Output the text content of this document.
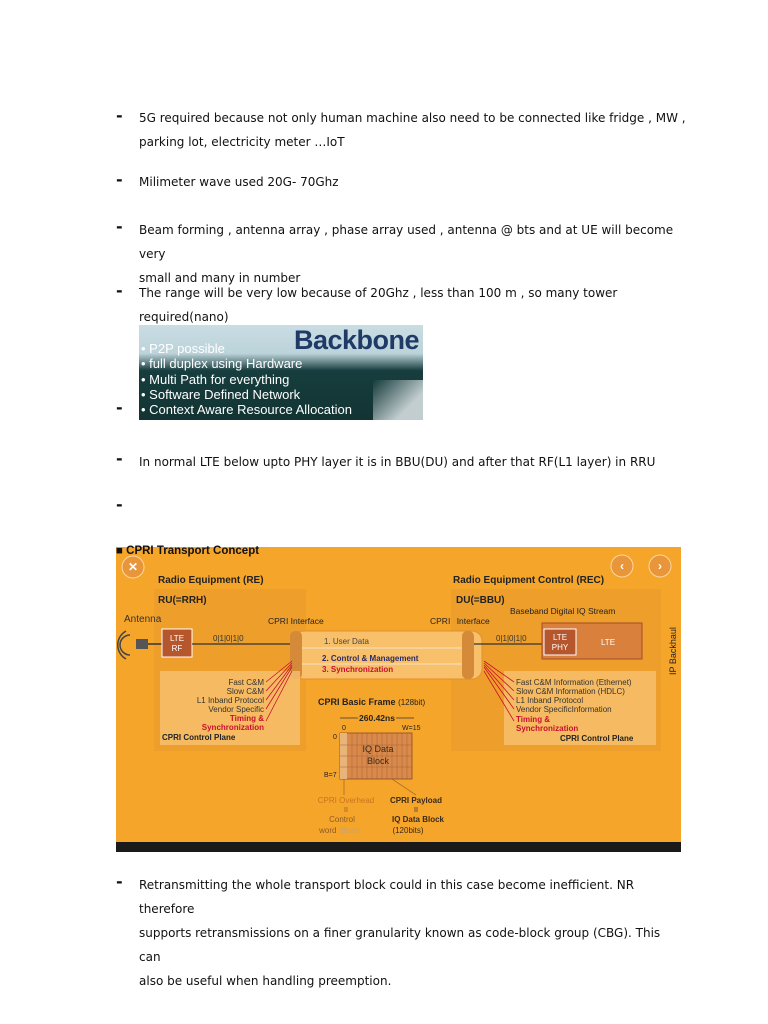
- 5G required because not only human machine also need to be connected like fridge , MW ,
parking lot, electricity meter …IoT

- Milimeter wave used 20G- 70Ghz

- Beam forming , antenna array , phase array used , antenna @ bts and at UE will become very
small and many in number

- The range will be very low because of 20Ghz , less than 100 m , so many tower
required(nano)

Backbone
• P2P possible
• full duplex using Hardware
• Multi Path for everything
• Software Defined Network
• Context Aware Resource Allocation
-
- In normal LTE below upto PHY layer it is in BBU(DU) and after that RF(L1 layer) in RRU

-
■ CPRI Transport Concept
✕	‹	›
Radio Equipment (RE)
RU(=RRH)
Radio Equipment Control (REC)
DU(=BBU)
Antenna
LTE
RF
0|1|0|1|0
CPRI Interface
1. User Data
2. Control & Management
3. Synchronization
CPRI Interface
Baseband Digital IQ Stream
0|1|0|1|0	LTE
PHY
LTE	IP Backhaul
Fast C&M
Slow C&M
L1 Inband Protocol
Vendor Specific
Timing &
Synchronization
CPRI Control Plane
Fast C&M Information (Ethernet)
Slow C&M Information (HDLC)
L1 Inband Protocol
Vendor SpecificInformation
Timing &
Synchronization
CPRI Control Plane
CPRI Basic Frame (128bit)
260.42ns
0	W=15
0
B=7
IQ Data
Block
CPRI Overhead
II
Control
word (8bits)
CPRI Payload
II
IQ Data Block
(120bits)
- Retransmitting the whole transport block could in this case become inefficient. NR therefore
supports retransmissions on a finer granularity known as code-block group (CBG). This can
also be useful when handling preemption.
